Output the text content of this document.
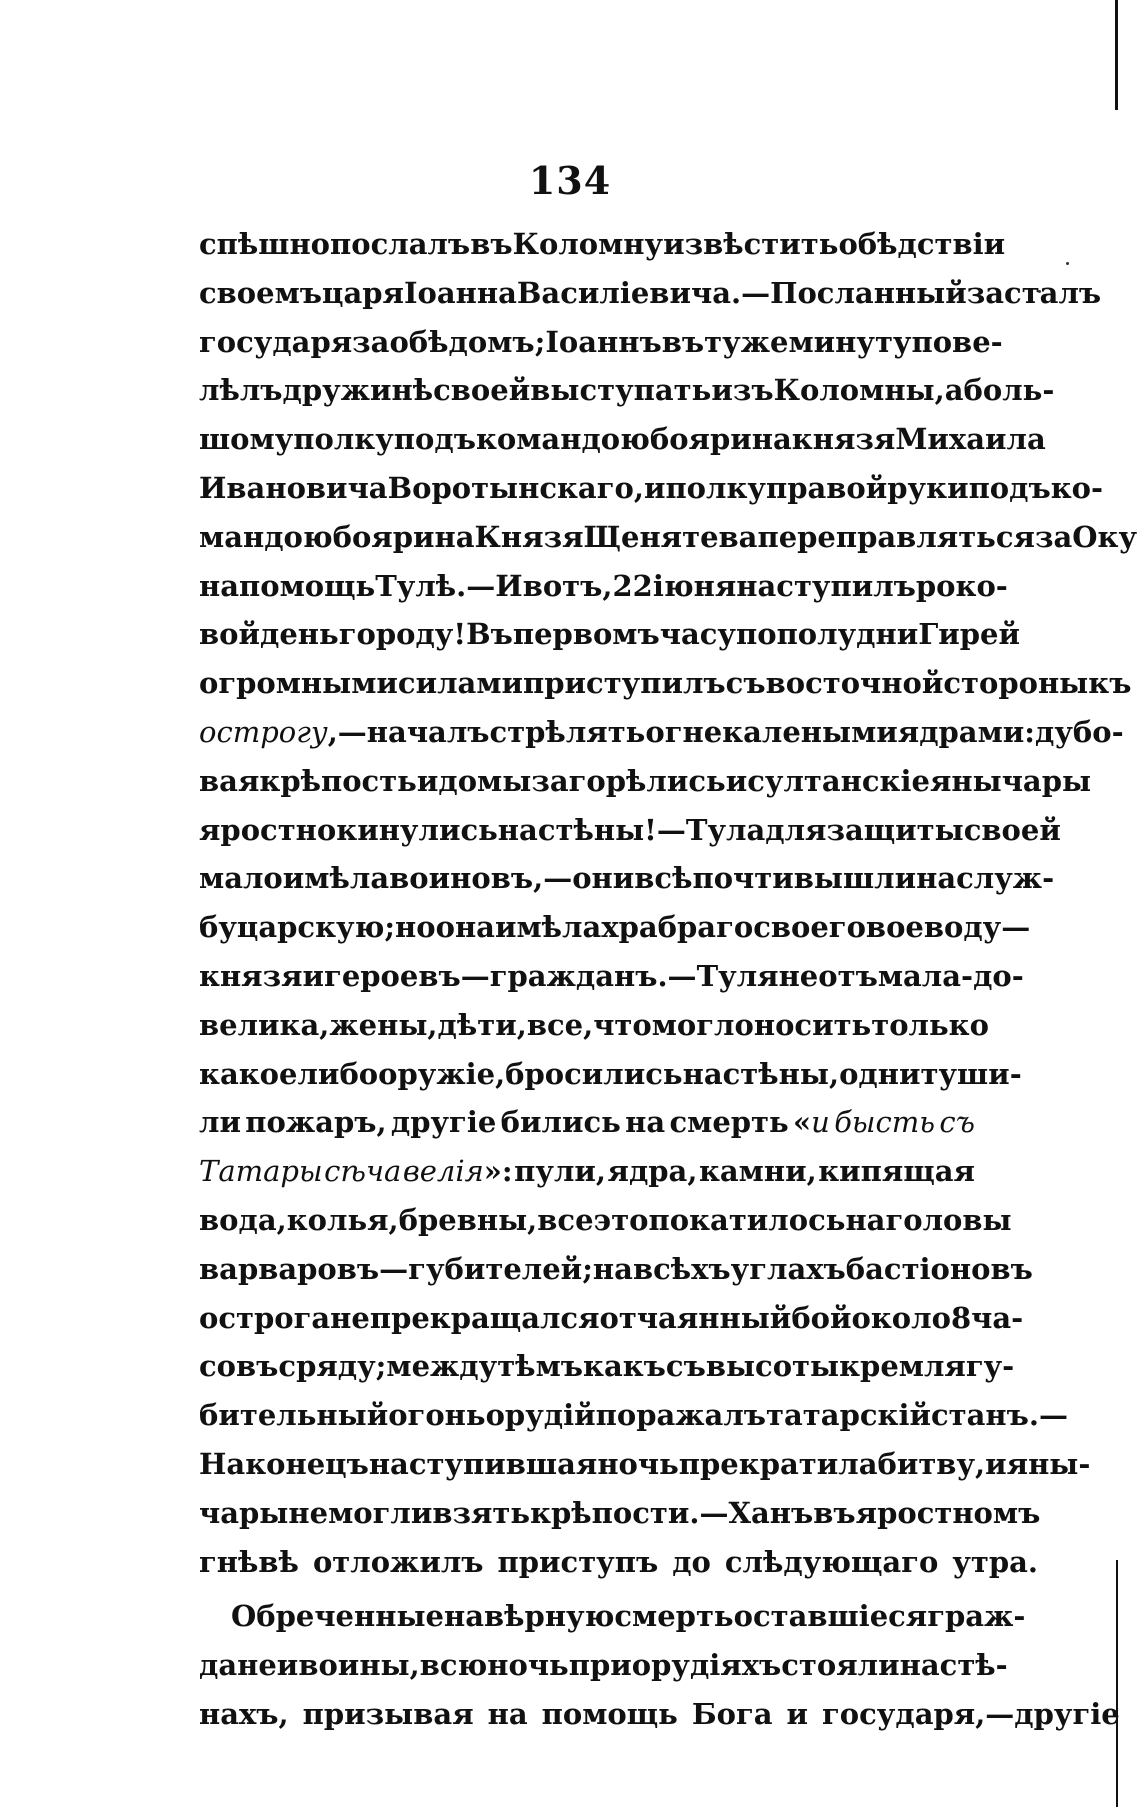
134
спѣшно послалъ въ Коломну извѣстить о бѣдствіи
своемъ царя Іоанна Василіевича.—Посланный засталъ
государя за обѣдомъ; Іоаннъ въ ту же минуту пове-
лѣлъ дружинѣ своей выступать изъ Коломны, а боль-
шому полку подъ командою боярина князя Михаила
Ивановича Воротынскаго, и полку правой руки подъ ко-
мандою боярина КнязяЩенятева переправляться за Оку
на помощь Тулѣ.—И вотъ, 22 іюня наступилъ роко-
вой день городу ! Въ первомъ часу по полудни Гирей
огромными силами приступилъ съ восточной стороны къ
острогу,—началъ стрѣлять огнекалеными ядрами: дубо-
вая крѣпость и домы загорѣлись и султанскіе янычары
яростно кинулись на стѣны !—Тула для защиты своей
мало имѣла воиновъ,—они всѣ почти вышли на служ-
бу царскую; но она имѣла храбраго своего воеводу—
князя и героевъ — гражданъ.— Туляне отъ мала-до-
велика, жены, дѣти, все, что могло носить только
какое либо оружіе, бросились на стѣны, одни туши-
ли пожаръ, другіе бились на смерть «и бысть съ
Татары сѣча велія»: пули, ядра, камни, кипящая
вода, колья, бревны, все это покатилось на головы
варваровъ—губителей; на всѣхъ углахъ бастіоновъ
острога не прекращался отчаянный бой около 8 ча-
совъ сряду; между тѣмъ какъ съ высоты кремля гу-
бительный огонь орудій поражалъ татарскій станъ.—
Наконецъ наступившая ночь прекратила битву, и яны-
чары не могли взять крѣпости. —Ханъ въ яростномъ
гнѣвѣ отложилъ приступъ до слѣдующаго утра.
Обреченные на вѣрную смерть оставшіеся граж-
дане и воины, всю ночь при орудіяхъ стояли на стѣ-
нахъ, призывая на помощь Бога и государя,—другіе
